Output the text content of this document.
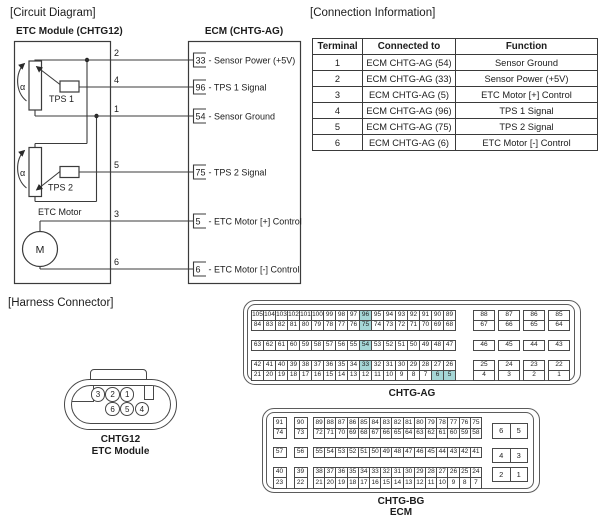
[Circuit Diagram]	[Connection Information]
[Harness Connector]
ETC Module (CHTG12)	ECM (CHTG-AG)
α
TPS 1
α
TPS 2
ETC Motor
M
2
33 - Sensor Power (+5V)
4
96 - TPS 1 Signal
1
54 - Sensor Ground
5
75 - TPS 2 Signal
3
5 - ETC Motor [+] Control
6
6 - ETC Motor [-] Control
Terminal	Connected to	Function
1	ECM CHTG-AG (54)	Sensor Ground
2	ECM CHTG-AG (33)	Sensor Power (+5V)
3	ECM CHTG-AG (5)	ETC Motor [+] Control
4	ECM CHTG-AG (96)	TPS 1 Signal
5	ECM CHTG-AG (75)	TPS 2 Signal
6	ECM CHTG-AG (6)	ETC Motor [-] Control
105 104 103 102 101 100 99 98 97 96 95 94 93 92 91 90 89	88	87	86	85
84 83 82 81 80 79 78 77 76 75 74 73 72 71 70 69 68	67	66	65	64
63 62 61 60 59 58 57 56 55 54 53 52 51 50 49 48 47	46	45	44	43
42 41 40 39 38 37 36 35 34 33 32 31 30 29 28 27 26	25	24	23	22
21 20 19 18 17 16 15 14 13 12 11 10	9	8	7	6	5	4	3	2	1
CHTG-AG
91	90	89 88 87 86 85 84 83 82 81 80 79 78 77 76 75
74	73	72 71 70 69 68 67 66 65 64 63 62 61 60 59 58
57	56	55 54 53 52 51 50 49 48 47 46 45 44 43 42 41
40	39	38 37 36 35 34 33 32 31 30 29 28 27 26 25 24
23	22	21 20 19 18 17 16 15 14 13 12 11 10 9	8	7
6	5
4	3
2	1
CHTG-BG
ECM
3	2	1
6	5	4
CHTG12
ETC Module
